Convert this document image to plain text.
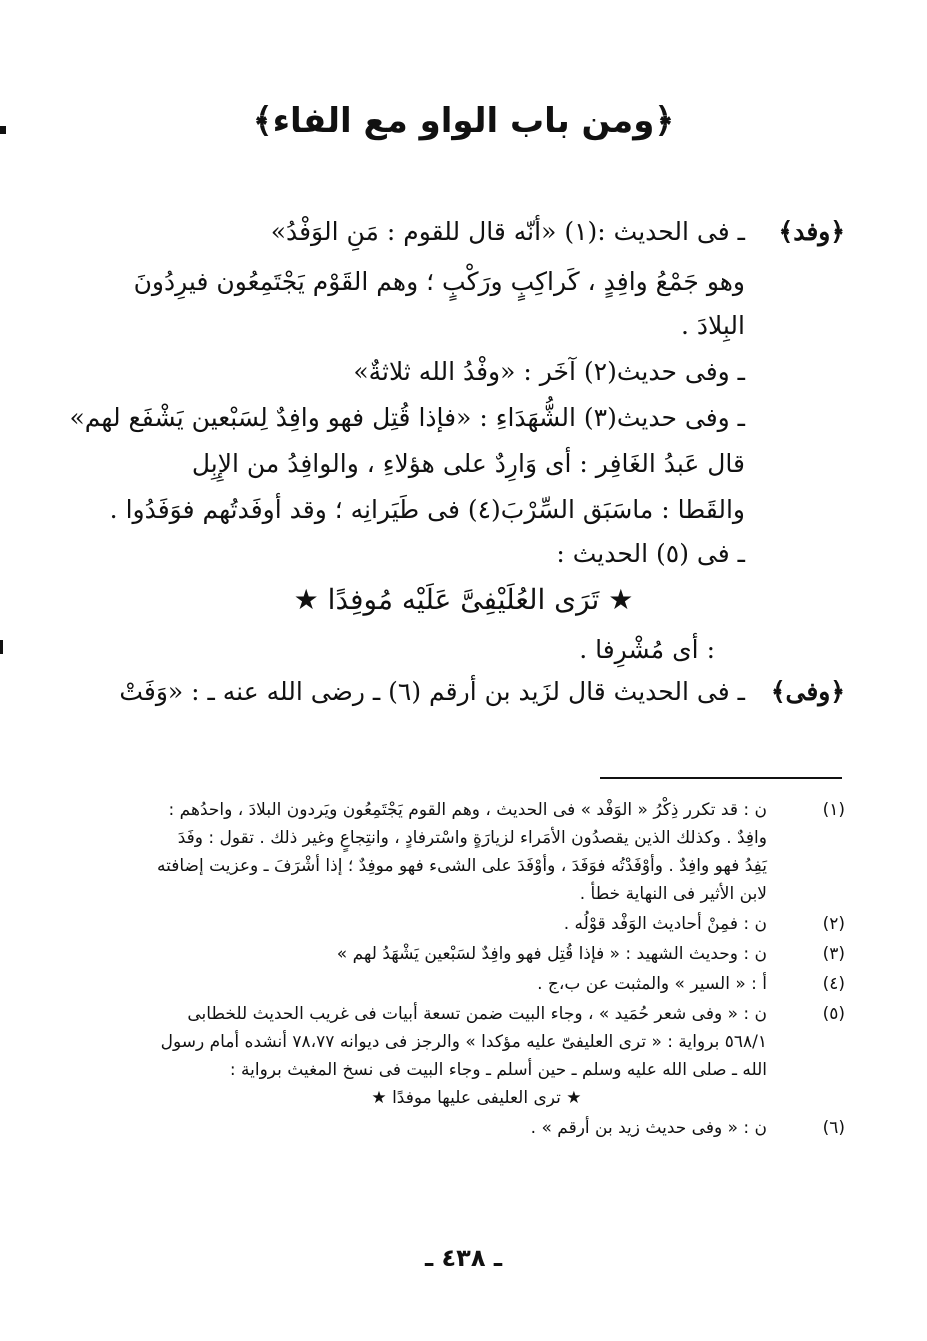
﴿ومن باب الواو مع الفاء﴾
﴿وفد﴾
ـ فى الحديث :(١) «أنّه قال للقوم : مَنِ الوَفْدُ»
وهو جَمْعُ وافِدٍ ، كَراكِبٍ ورَكْبٍ ؛ وهم القَوْم يَجْتَمِعُون فيرِدُونَ
البِلادَ .
ـ وفى حديث(٢) آخَر : «وفْدُ الله ثلاثةٌ»
ـ وفى حديث(٣) الشُّهَدَاءِ : «فإذا قُتِل فهو وافِدٌ لِسَبْعين يَشْفَع لهم»
قال عَبدُ الغَافِر : أى وَارِدٌ على هؤلاءِ ، والوافِدُ من الإِبِل
والقَطا : ماسَبَق السِّرْبَ(٤) فى طَيَرانِه ؛ وقد أوفَدتُهم فوَفَدُوا .
ـ فى (٥) الحديث :
★ تَرَى العُلَيْفِىَّ عَلَيْه مُوفِدًا ★
: أى مُشْرِفا .
﴿وفى﴾
ـ فى الحديث قال لزَيد بن أرقم (٦) ـ رضى الله عنه ـ : «وَفَتْ
(١)
ن : قد تكرر ذِكْرُ « الوَفْد » فى الحديث ، وهم القوم يَجْتَمِعُون ويَردون البلادَ ، واحدُهم :
وافِدٌ . وكذلك الذين يقصدُون الأمَراء لزيارَةٍ واسْترفادٍ ، وانتِجاعٍ وغير ذلك . تقول : وفَدَ
يَفِدُ فهو وافِدٌ . وأوْفَدْتُه فوَفَدَ ، وأوْفَدَ على الشىء فهو موفِدٌ ؛ إذا أشْرَفَ ـ وعزيت إضافته
لابن الأثير فى النهاية خطأ .
(٢)
ن : فمِنْ أحاديث الوَفْد قوْلُه .
(٣)
ن : وحديث الشهيد : « فإذا قُتِل فهو وافِدٌ لسَبْعين يَشْهَدُ لهم »
(٤)
أ : « السير » والمثبت عن ب،ج .
(٥)
ن : « وفى شعر حُمَيد » ، وجاء البيت ضمن تسعة أبيات فى غريب الحديث للخطابى
٥٦٨/١ برواية : « ترى العليفىّ عليه مؤكدا » والرجز فى ديوانه ٧٨،٧٧ أنشده أمام رسول
الله ـ صلى الله عليه وسلم ـ حين أسلم ـ وجاء البيت فى نسخ المغيث برواية :
★ ترى العليفى عليها موفدًا ★
(٦)
ن : « وفى حديث زيد بن أرقم » .
ـ ٤٣٨ ـ
